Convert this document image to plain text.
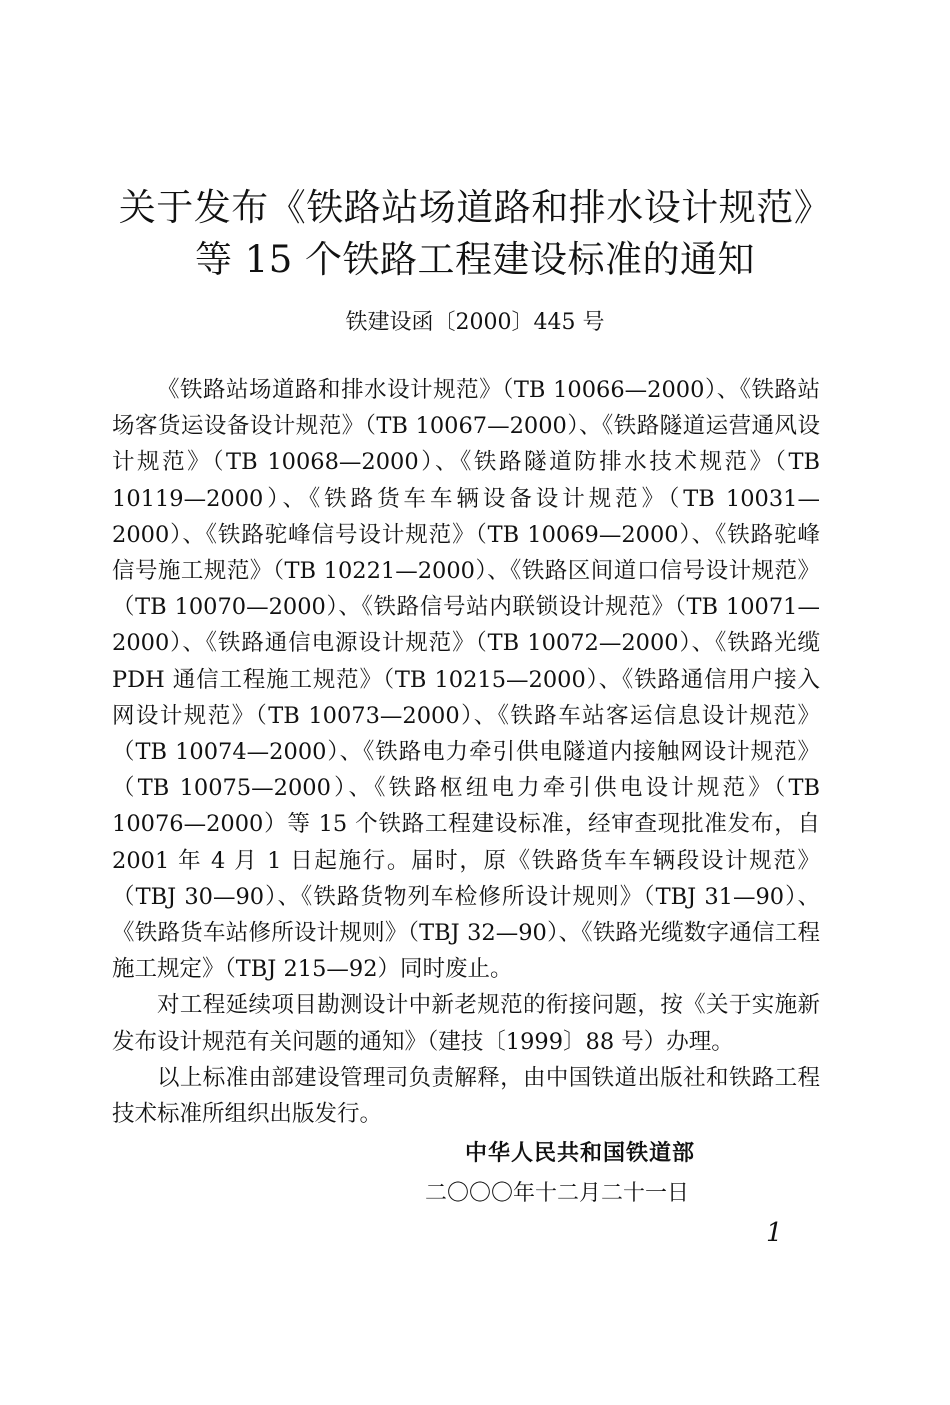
关于发布《铁路站场道路和排水设计规范》
等 15 个铁路工程建设标准的通知
铁建设函〔2000〕445 号

《铁路站场道路和排水设计规范》（TB 10066—2000）、《铁路站场客货运设备设计规范》（TB 10067—2000）、《铁路隧道运营通风设计规范》（TB 10068—2000）、《铁路隧道防排水技术规范》（TB 10119—2000）、《铁路货车车辆设备设计规范》（TB 10031—2000）、《铁路驼峰信号设计规范》（TB 10069—2000）、《铁路驼峰信号施工规范》（TB 10221—2000）、《铁路区间道口信号设计规范》（TB 10070—2000）、《铁路信号站内联锁设计规范》（TB 10071—2000）、《铁路通信电源设计规范》（TB 10072—2000）、《铁路光缆 PDH 通信工程施工规范》（TB 10215—2000）、《铁路通信用户接入网设计规范》（TB 10073—2000）、《铁路车站客运信息设计规范》（TB 10074—2000）、《铁路电力牵引供电隧道内接触网设计规范》（TB 10075—2000）、《铁路枢纽电力牵引供电设计规范》（TB 10076—2000）等 15 个铁路工程建设标准，经审查现批准发布，自 2001 年 4 月 1 日起施行。届时，原《铁路货车车辆段设计规范》（TBJ 30—90）、《铁路货物列车检修所设计规则》（TBJ 31—90）、《铁路货车站修所设计规则》（TBJ 32—90）、《铁路光缆数字通信工程施工规定》（TBJ 215—92）同时废止。

对工程延续项目勘测设计中新老规范的衔接问题，按《关于实施新发布设计规范有关问题的通知》（建技〔1999〕88 号）办理。

以上标准由部建设管理司负责解释，由中国铁道出版社和铁路工程技术标准所组织出版发行。

中华人民共和国铁道部
二〇〇〇年十二月二十一日
1
